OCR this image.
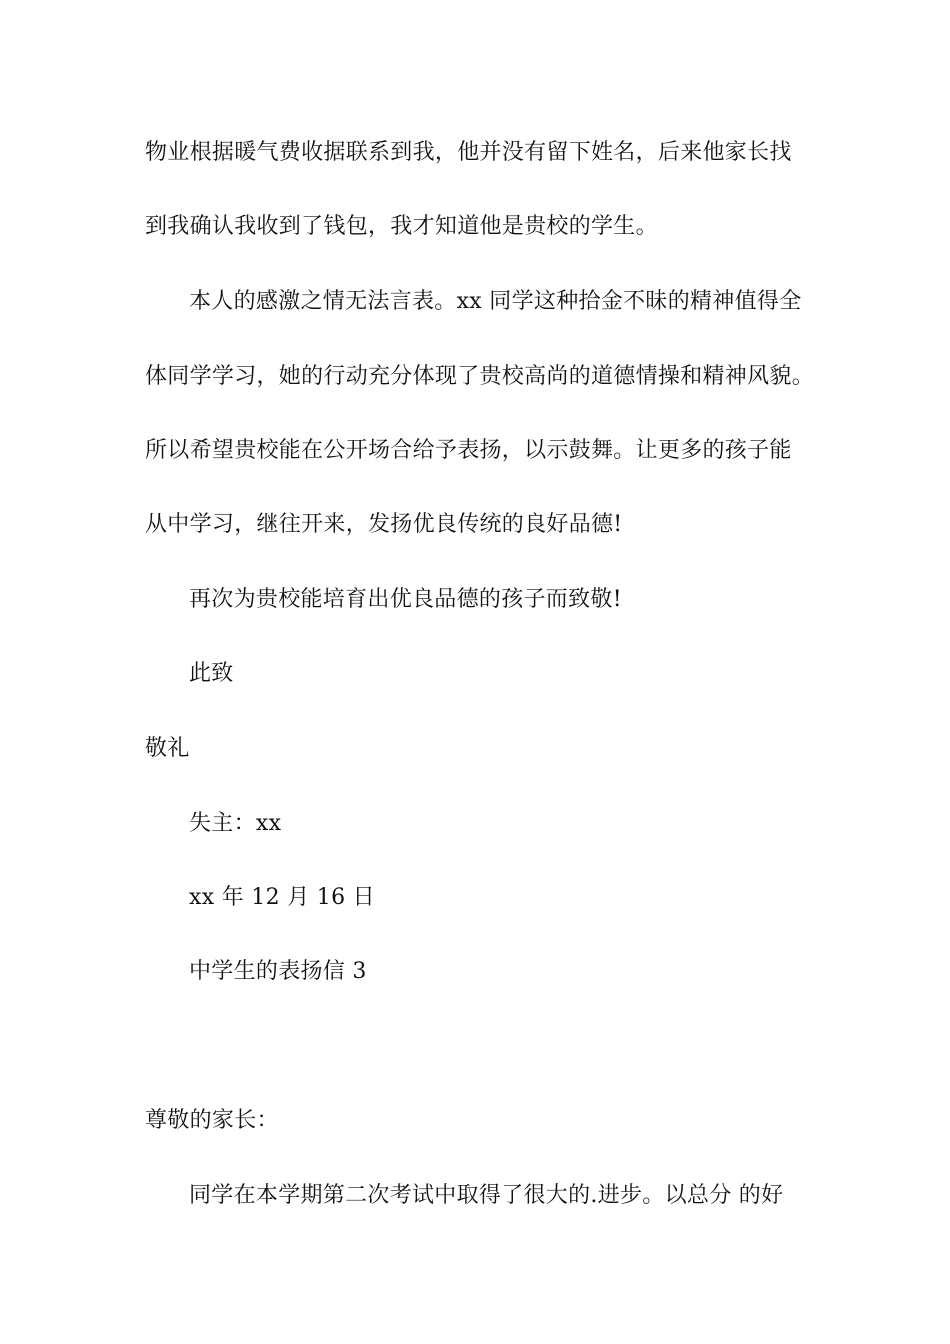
物业根据暖气费收据联系到我，他并没有留下姓名，后来他家长找
到我确认我收到了钱包，我才知道他是贵校的学生。
本人的感激之情无法言表。xx 同学这种拾金不昧的精神值得全
体同学学习，她的行动充分体现了贵校高尚的道德情操和精神风貌。
所以希望贵校能在公开场合给予表扬，以示鼓舞。让更多的孩子能
从中学习，继往开来，发扬优良传统的良好品德!
再次为贵校能培育出优良品德的孩子而致敬!
此致
敬礼
失主：xx
xx 年 12 月 16 日
中学生的表扬信 3
尊敬的家长：
同学在本学期第二次考试中取得了很大的.进步。以总分 的好
